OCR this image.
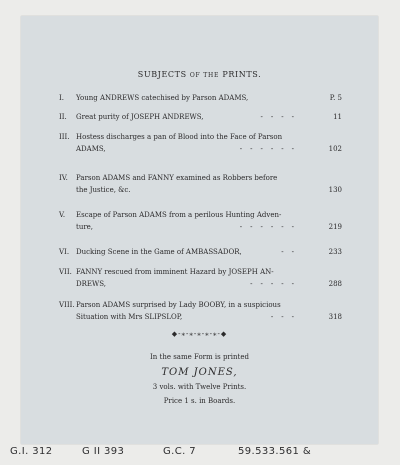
SUBJECTS OF THE PRINTS.
I. Young ANDREWS catechised by Parson ADAMS,	P. 5
II. Great purity of JOSEPH ANDREWS,	----	11
III. Hostess discharges a pan of Blood into the Face of Parson
ADAMS,	------	102
IV. Parson ADAMS and FANNY examined as Robbers before
the Justice, &c.	130
V. Escape of Parson ADAMS from a perilous Hunting Adven-
ture,	------	219
VI. Ducking Scene in the Game of AMBASSADOR,	--	233
VII. FANNY rescued from imminent Hazard by JOSEPH AN-
DREWS,	-----	288
VIII. Parson ADAMS surprised by Lady BOOBY, in a suspicious
Situation with Mrs SLIPSLOP,	---	318
◆-⁎-⁎-⁎-⁎-⁎-◆
In the same Form is printed
TOM JONES,
3 vols. with Twelve Prints.
Price 1 s. in Boards.
G.I. 312	G II 393	G.C. 7	59.533.561 &
